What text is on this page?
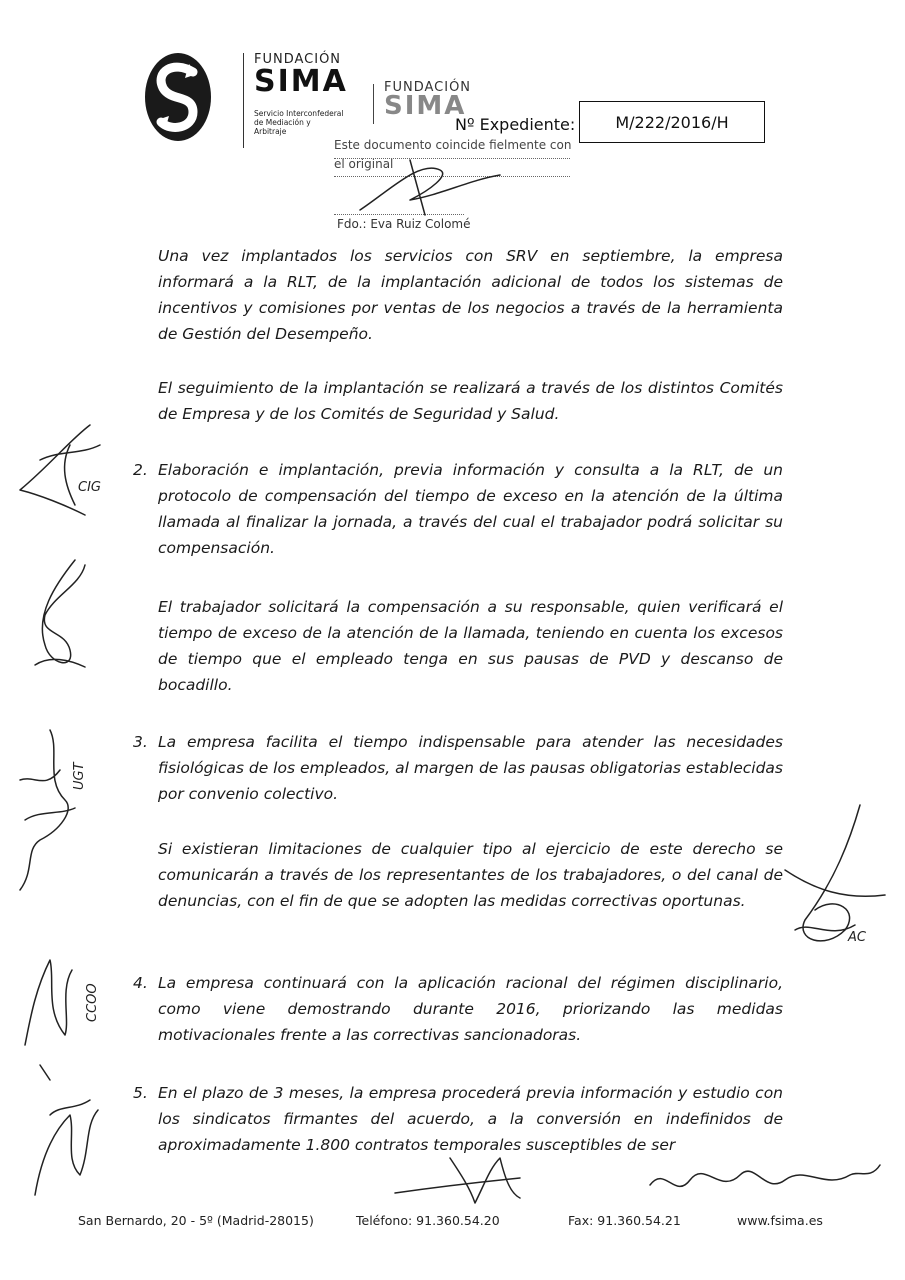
FUNDACIÓN
SIMA
Servicio Interconfederal de Mediación y Arbitraje
FUNDACIÓN
SIMA
Nº Expediente:	M/222/2016/H
Este documento coincide fielmente con el original
Fdo.: Eva Ruiz Colomé

Una vez implantados los servicios con SRV en septiembre, la empresa informará a la RLT, de la implantación adicional de todos los sistemas de incentivos y comisiones por ventas de los negocios a través de la herramienta de Gestión del Desempeño.

El seguimiento de la implantación se realizará a través de los distintos Comités de Empresa y de los Comités de Seguridad y Salud.

2. Elaboración e implantación, previa información y consulta a la RLT, de un protocolo de compensación del tiempo de exceso en la atención de la última llamada al finalizar la jornada, a través del cual el trabajador podrá solicitar su compensación.

El trabajador solicitará la compensación a su responsable, quien verificará el tiempo de exceso de la atención de la llamada, teniendo en cuenta los excesos de tiempo que el empleado tenga en sus pausas de PVD y descanso de bocadillo.

3. La empresa facilita el tiempo indispensable para atender las necesidades fisiológicas de los empleados, al margen de las pausas obligatorias establecidas por convenio colectivo.

Si existieran limitaciones de cualquier tipo al ejercicio de este derecho se comunicarán a través de los representantes de los trabajadores, o del canal de denuncias, con el fin de que se adopten las medidas correctivas oportunas.

4. La empresa continuará con la aplicación racional del régimen disciplinario, como viene demostrando durante 2016, priorizando las medidas motivacionales frente a las correctivas sancionadoras.

5. En el plazo de 3 meses, la empresa procederá previa información y estudio con los sindicatos firmantes del acuerdo, a la conversión en indefinidos de aproximadamente 1.800 contratos temporales susceptibles de ser

CIG
UGT
CCOO
AC
San Bernardo, 20 - 5º (Madrid-28015)	Teléfono: 91.360.54.20	Fax: 91.360.54.21	www.fsima.es
